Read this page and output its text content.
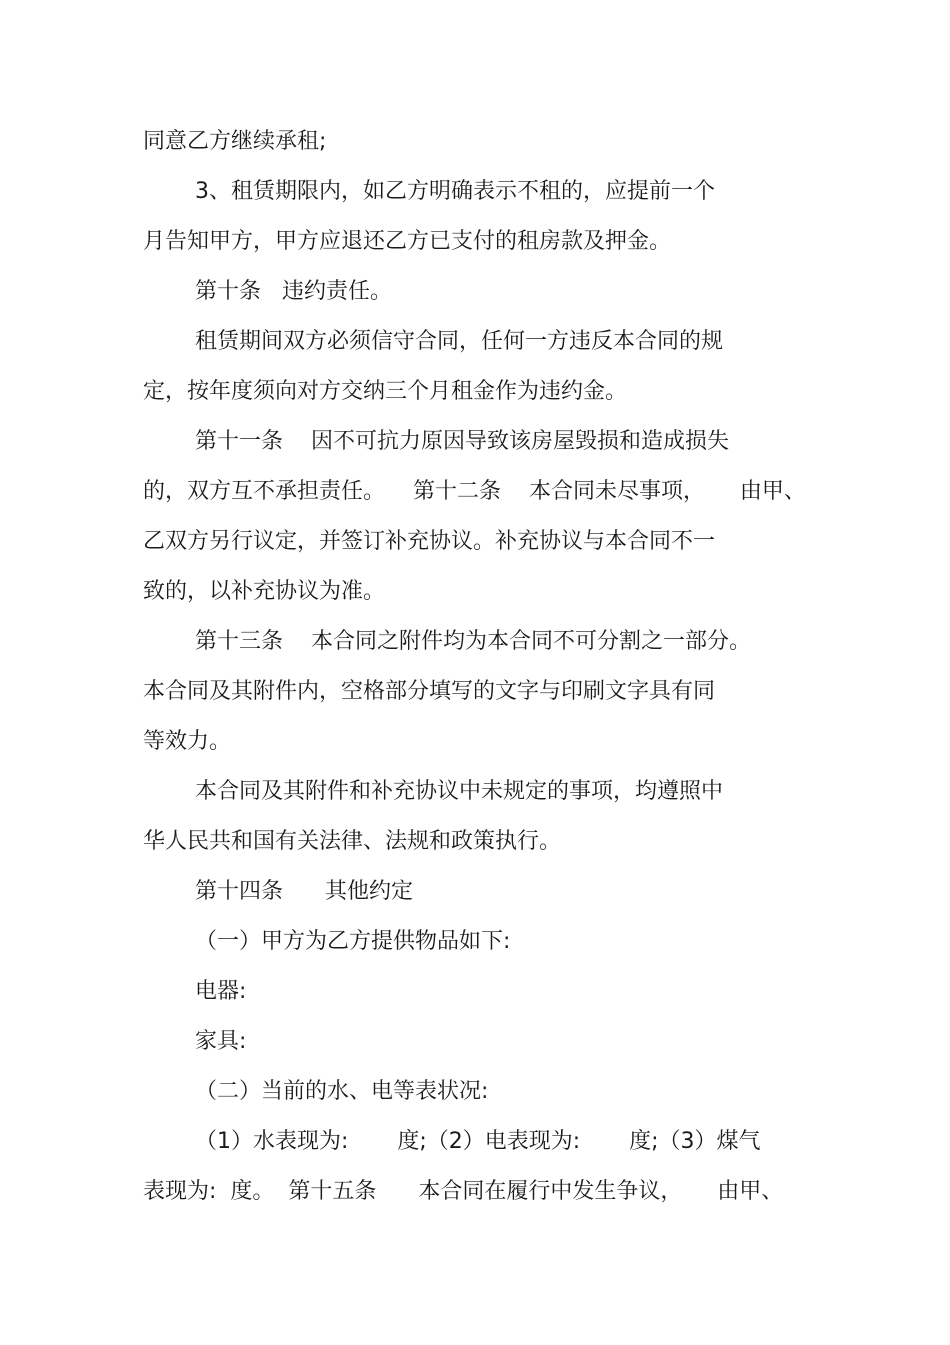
同意乙方继续承租;

3、租赁期限内，如乙方明确表示不租的，应提前一个

月告知甲方，甲方应退还乙方已支付的租房款及押金。

第十条   违约责任。

租赁期间双方必须信守合同，任何一方违反本合同的规

定，按年度须向对方交纳三个月租金作为违约金。

第十一条    因不可抗力原因导致该房屋毁损和造成损失

的，双方互不承担责任。    第十二条    本合同未尽事项，     由甲、

乙双方另行议定，并签订补充协议。补充协议与本合同不一

致的，以补充协议为准。

第十三条    本合同之附件均为本合同不可分割之一部分。

本合同及其附件内，空格部分填写的文字与印刷文字具有同

等效力。

本合同及其附件和补充协议中未规定的事项，均遵照中

华人民共和国有关法律、法规和政策执行。

第十四条      其他约定

（一）甲方为乙方提供物品如下:

电器:

家具:

（二）当前的水、电等表状况:

（1）水表现为:       度;（2）电表现为:       度;（3）煤气

表现为:  度。  第十五条      本合同在履行中发生争议，     由甲、
